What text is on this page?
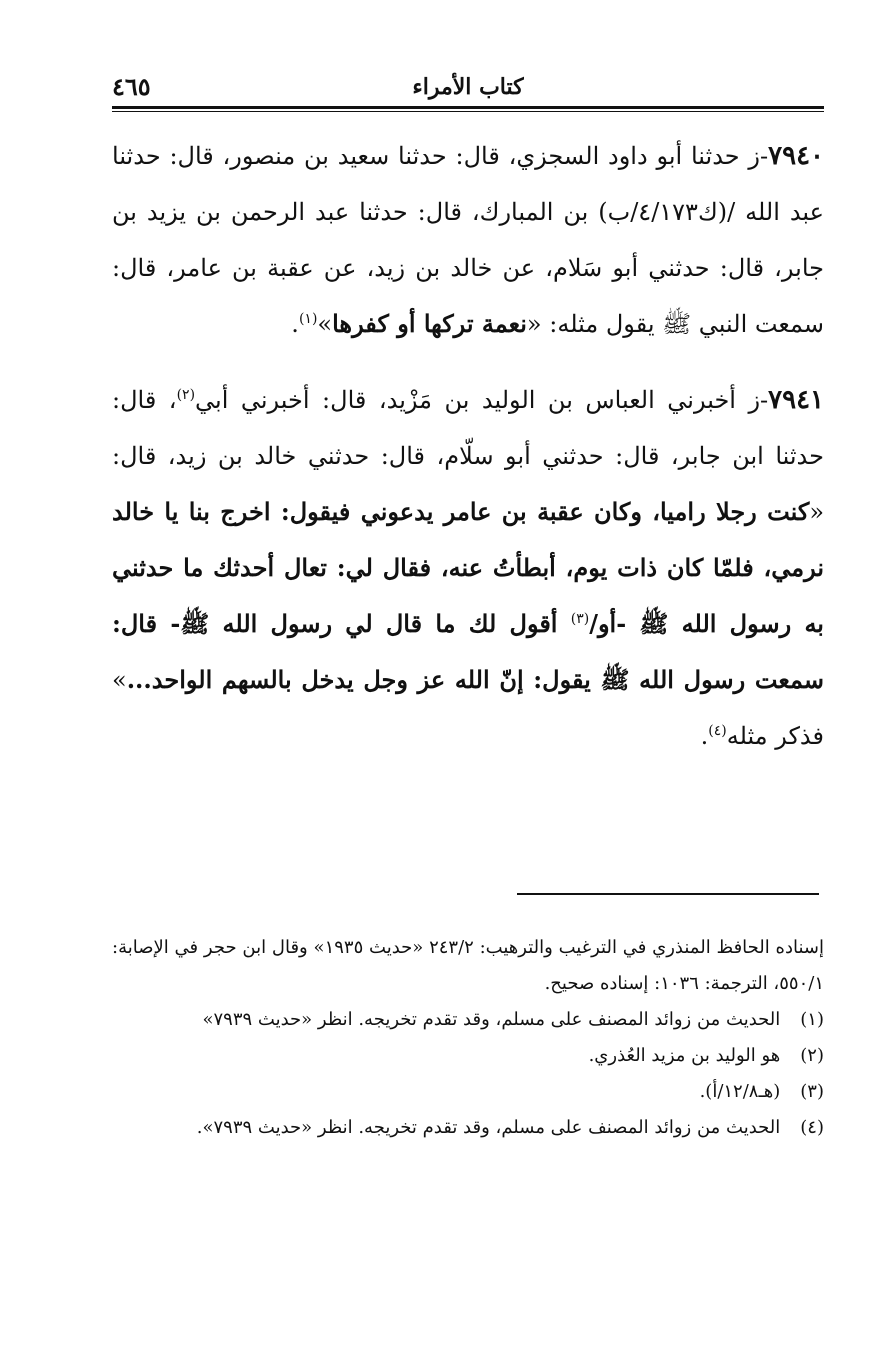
كتاب الأمراء
٤٦٥

٧٩٤٠-ز حدثنا أبو داود السجزي، قال: حدثنا سعيد بن منصور، قال: حدثنا عبد الله /(ك٤/١٧٣/ب) بن المبارك، قال: حدثنا عبد الرحمن بن يزيد بن جابر، قال: حدثني أبو سَلام، عن خالد بن زيد، عن عقبة بن عامر، قال: سمعت النبي ﷺ يقول مثله: «نعمة تركها أو كفرها»$^{(١)}$.

٧٩٤١-ز أخبرني العباس بن الوليد بن مَزْيد، قال: أخبرني أبي$^{(٢)}$، قال: حدثنا ابن جابر، قال: حدثني أبو سلّام، قال: حدثني خالد بن زيد، قال: «كنت رجلا راميا، وكان عقبة بن عامر يدعوني فيقول: اخرج بنا يا خالد نرمي، فلمّا كان ذات يوم، أبطأتُ عنه، فقال لي: تعال أحدثك ما حدثني به رسول الله ﷺ -أو/$^{(٣)}$ أقول لك ما قال لي رسول الله ﷺ- قال: سمعت رسول الله ﷺ يقول: إنّ الله عز وجل يدخل بالسهم الواحد...» فذكر مثله$^{(٤)}$.

إسناده الحافظ المنذري في الترغيب والترهيب: ٢٤٣/٢ «حديث ١٩٣٥» وقال ابن حجر في الإصابة: ٥٥٠/١، الترجمة: ١٠٣٦: إسناده صحيح.

(١) الحديث من زوائد المصنف على مسلم، وقد تقدم تخريجه. انظر «حديث ٧٩٣٩»

(٢) هو الوليد بن مزيد العُذري.

(٣) (هـ١٢/٨/أ).

(٤) الحديث من زوائد المصنف على مسلم، وقد تقدم تخريجه. انظر «حديث ٧٩٣٩».
